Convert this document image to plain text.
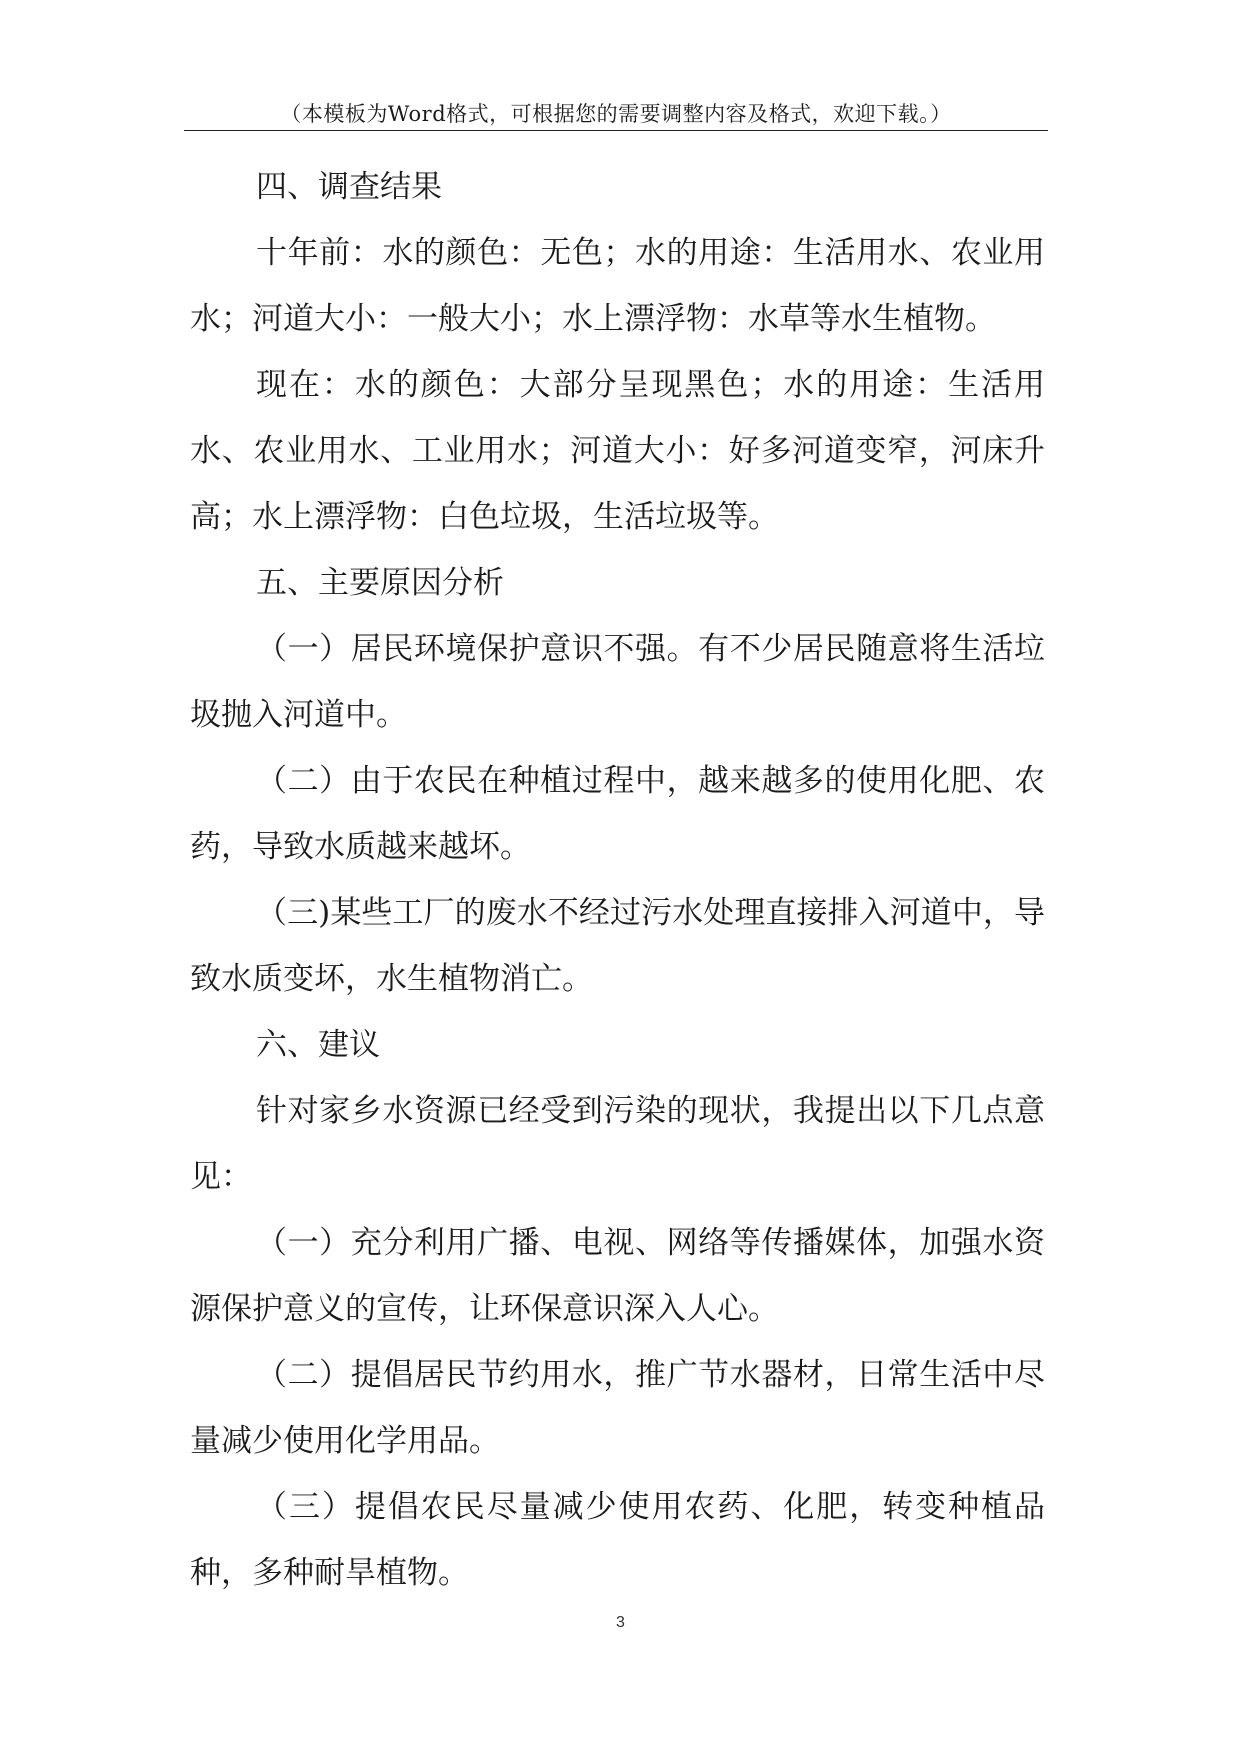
（本模板为Word格式，可根据您的需要调整内容及格式，欢迎下载。）

四、调查结果

十年前：水的颜色：无色；水的用途：生活用水、农业用水；河道大小：一般大小；水上漂浮物：水草等水生植物。

现在：水的颜色：大部分呈现黑色；水的用途：生活用水、农业用水、工业用水；河道大小：好多河道变窄，河床升高；水上漂浮物：白色垃圾，生活垃圾等。

五、主要原因分析

（一）居民环境保护意识不强。有不少居民随意将生活垃圾抛入河道中。

（二）由于农民在种植过程中，越来越多的使用化肥、农药，导致水质越来越坏。

（三)某些工厂的废水不经过污水处理直接排入河道中，导致水质变坏，水生植物消亡。

六、建议

针对家乡水资源已经受到污染的现状，我提出以下几点意见：

（一）充分利用广播、电视、网络等传播媒体，加强水资源保护意义的宣传，让环保意识深入人心。

（二）提倡居民节约用水，推广节水器材，日常生活中尽量减少使用化学用品。

（三）提倡农民尽量减少使用农药、化肥，转变种植品种，多种耐旱植物。

3
